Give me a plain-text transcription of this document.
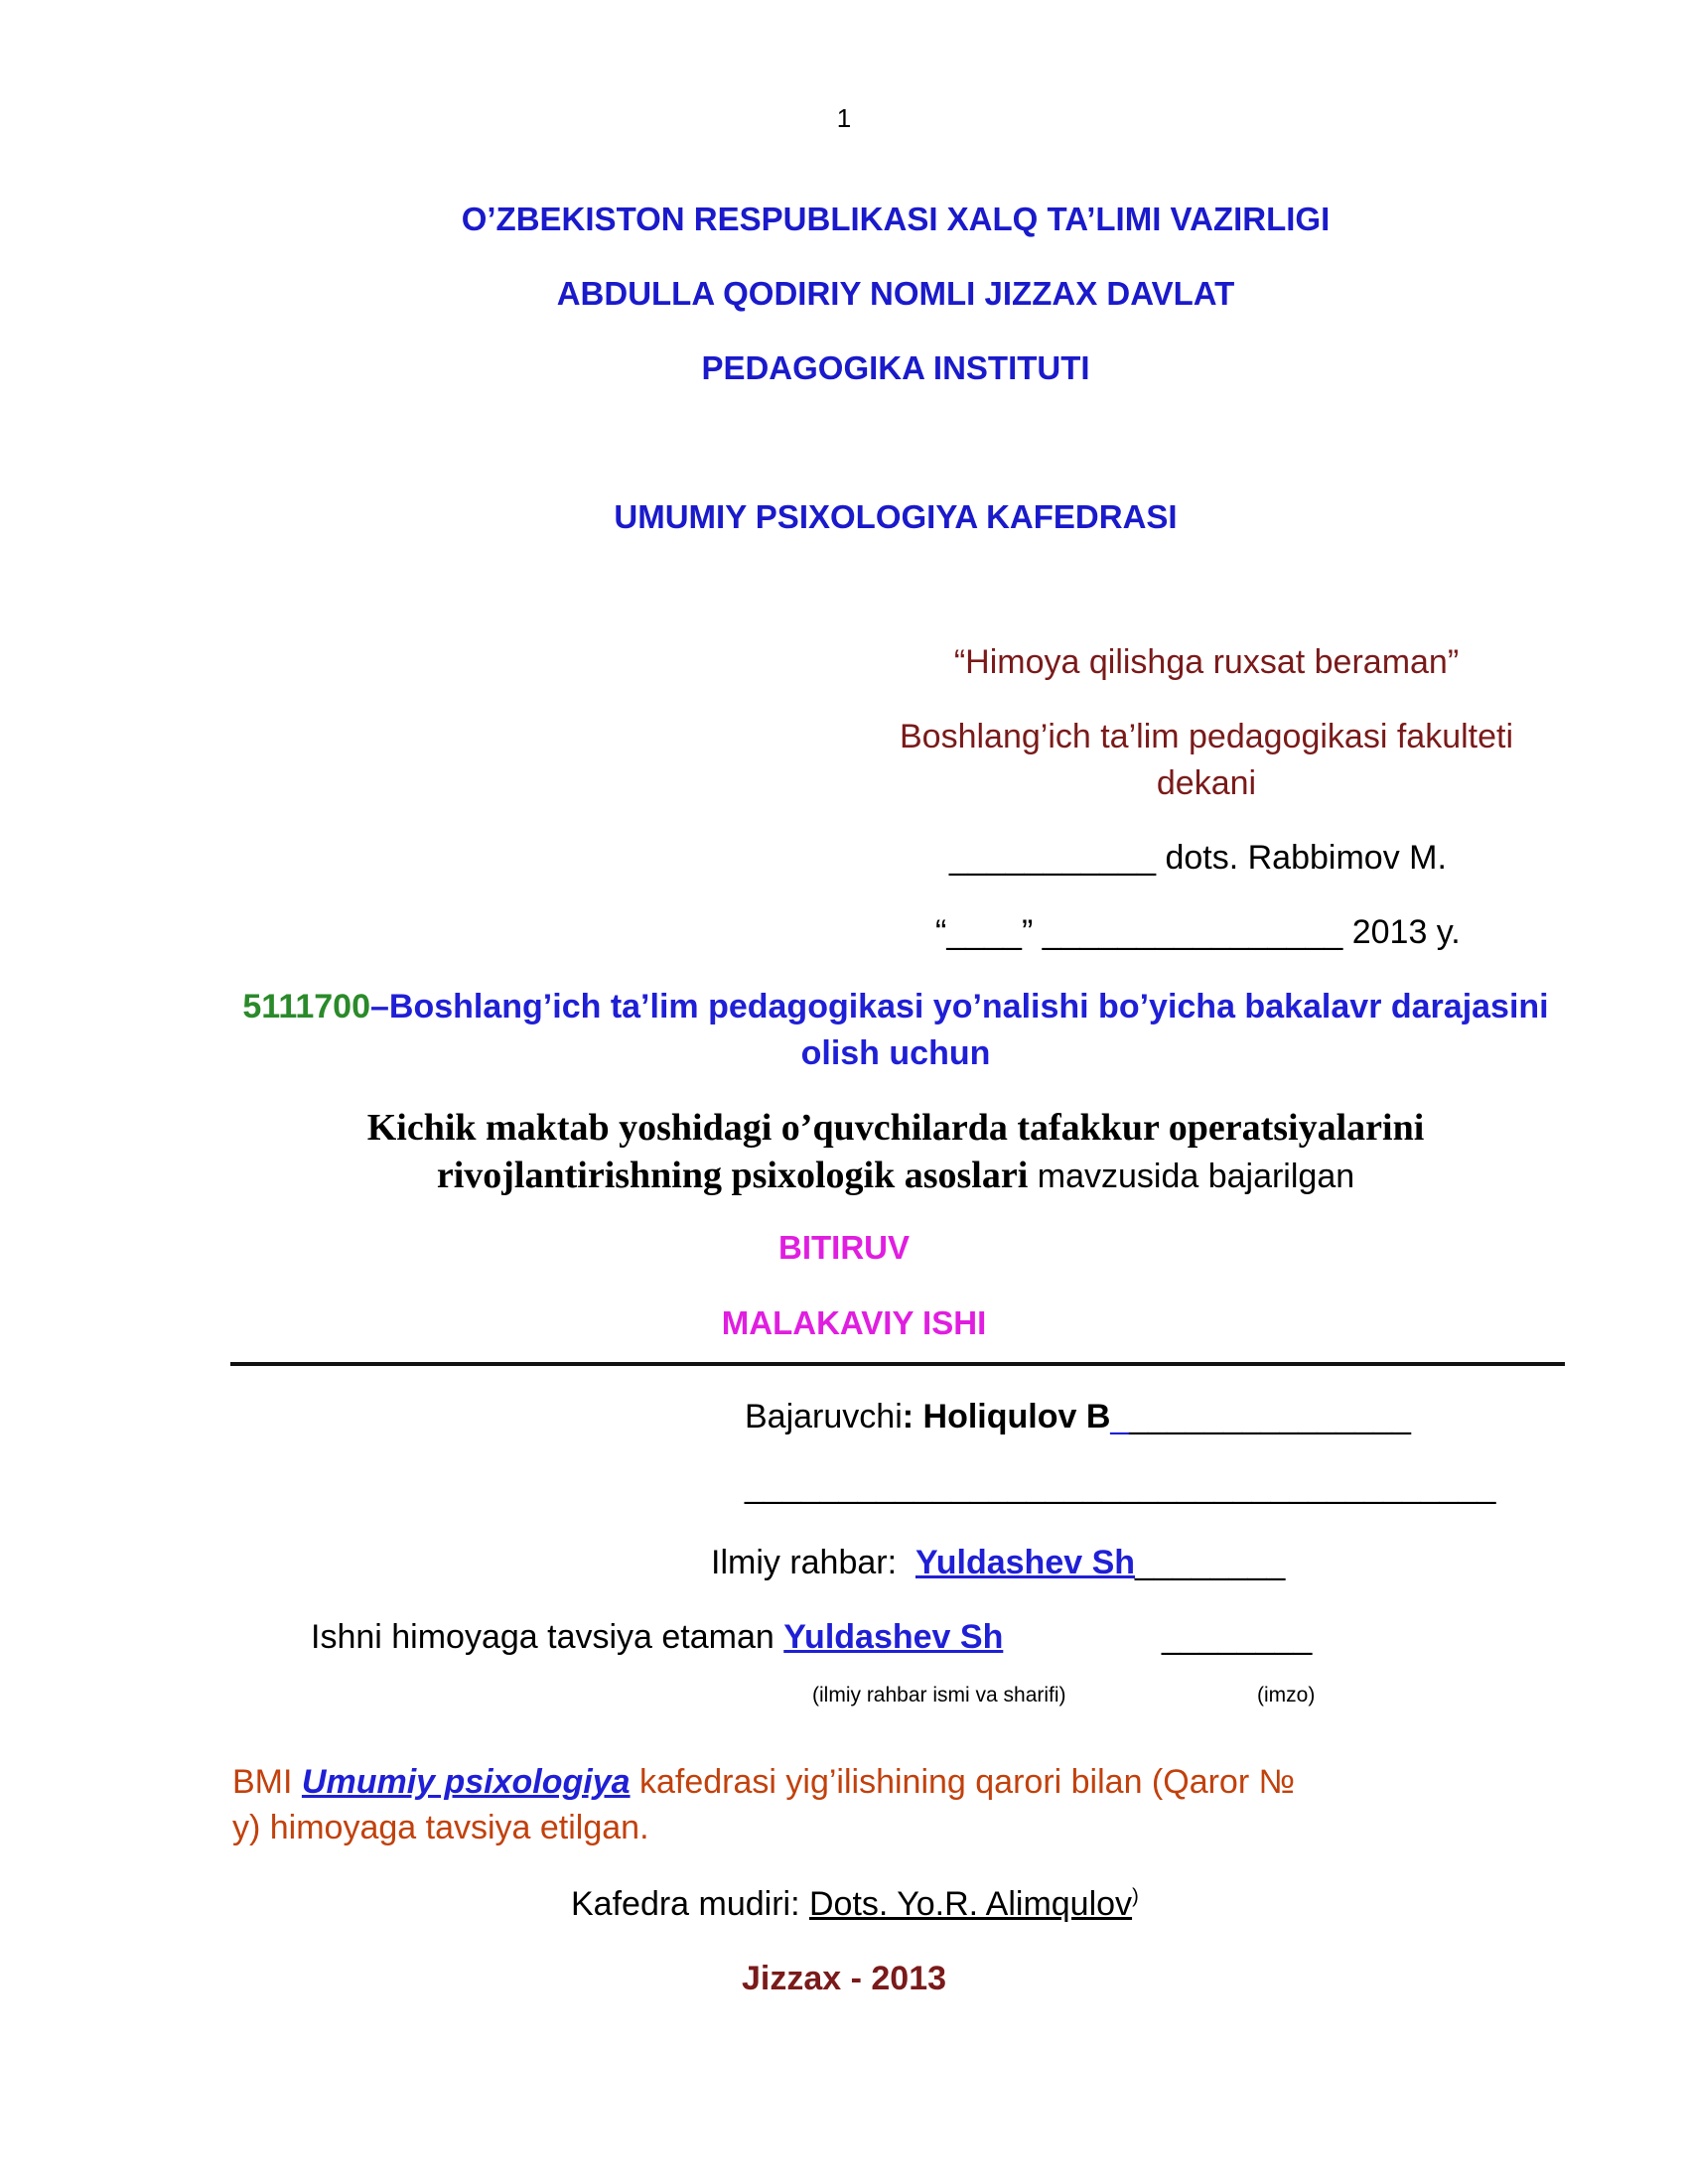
1
O’ZBEKISTON RESPUBLIKASI XALQ TA’LIMI VAZIRLIGI
ABDULLA QODIRIY NOMLI JIZZAX DAVLAT
PEDAGOGIKA INSTITUTI
UMUMIY PSIXOLOGIYA KAFEDRASI
“Himoya qilishga ruxsat beraman”
Boshlang’ich ta’lim pedagogikasi fakulteti
dekani
___________ dots. Rabbimov M.
“____” ________________ 2013 y.
5111700–Boshlang’ich ta’lim pedagogikasi yo’nalishi bo’yicha bakalavr darajasini
olish uchun
Kichik maktab yoshidagi o’quvchilarda tafakkur operatsiyalarini
rivojlantirishning psixologik asoslari mavzusida bajarilgan
BITIRUV
MALAKAVIY ISHI
Bajaruvchi: Holiqulov B________________
________________________________________
Ilmiy rahbar:  Yuldashev Sh________
Ishni himoyaga tavsiya etaman Yuldashev Sh	________
(ilmiy rahbar ismi va sharifi)	(imzo)
BMI Umumiy psixologiya kafedrasi yig’ilishining qarori bilan (Qaror №
y) himoyaga tavsiya etilgan.
Kafedra mudiri: Dots. Yo.R. Alimqulov)
Jizzax - 2013
